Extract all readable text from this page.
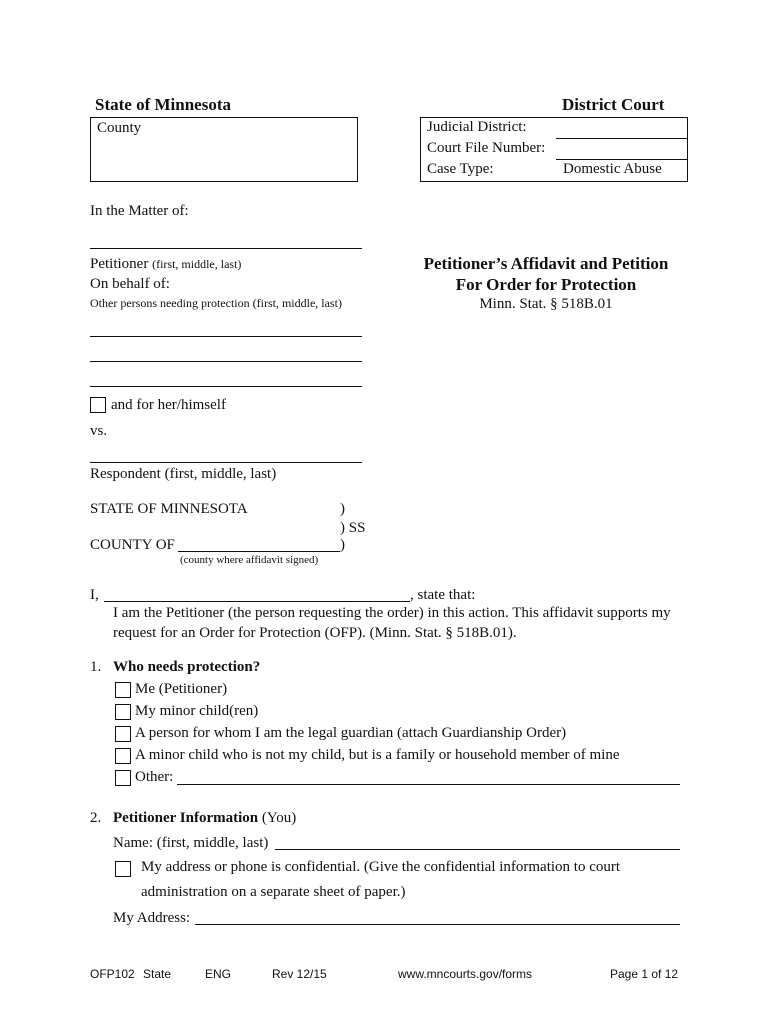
State of Minnesota	District Court
County	Judicial District:
Court File Number:
Case Type:	Domestic Abuse
In the Matter of:
Petitioner (first, middle, last)
On behalf of:
Other persons needing protection (first, middle, last)
and for her/himself
vs.
Respondent (first, middle, last)
Petitioner’s Affidavit and Petition
For Order for Protection
Minn. Stat. § 518B.01
STATE OF MINNESOTA	)
) SS
COUNTY OF	)
(county where affidavit signed)
I,	, state that:
I am the Petitioner (the person requesting the order) in this action. This affidavit supports my
request for an Order for Protection (OFP). (Minn. Stat. § 518B.01).
1. Who needs protection?
Me (Petitioner)
My minor child(ren)
A person for whom I am the legal guardian (attach Guardianship Order)
A minor child who is not my child, but is a family or household member of mine
Other:
2. Petitioner Information (You)
Name: (first, middle, last)
My address or phone is confidential. (Give the confidential information to court
administration on a separate sheet of paper.)
My Address:
OFP102 State	ENG	Rev 12/15	www.mncourts.gov/forms	Page 1 of 12
